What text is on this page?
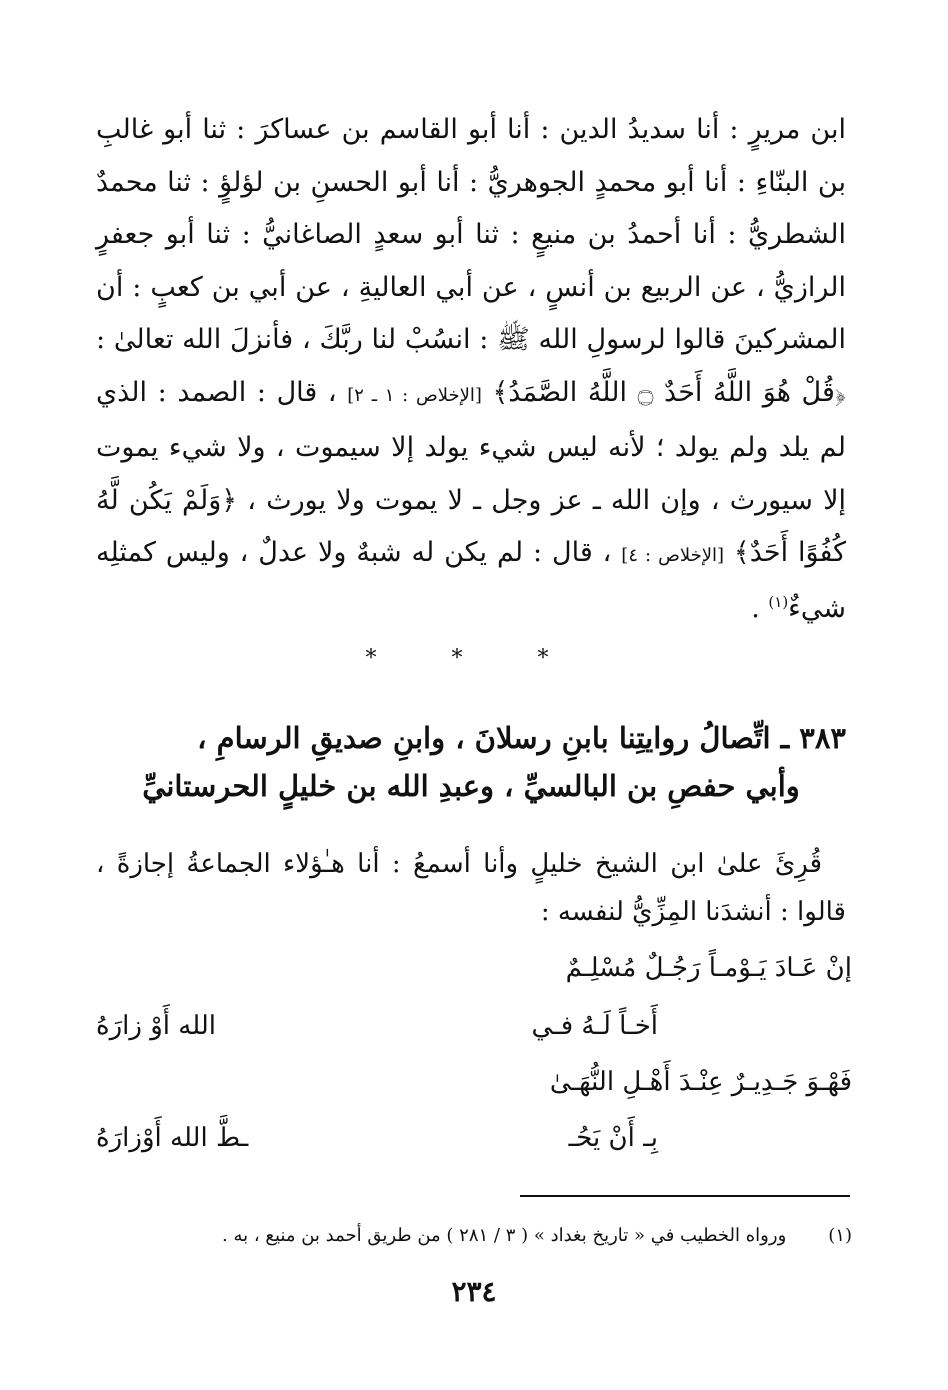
ابن مريرٍ : أنا سديدُ الدين : أنا أبو القاسم بن عساكرَ : ثنا أبو غالبِ بن البنّاءِ : أنا أبو محمدٍ الجوهريُّ : أنا أبو الحسنِ بن لؤلؤٍ : ثنا محمدٌ الشطريُّ : أنا أحمدُ بن منيعٍ : ثنا أبو سعدٍ الصاغانيُّ : ثنا أبو جعفرٍ الرازيُّ ، عن الربيع بن أنسٍ ، عن أبي العاليةِ ، عن أبي بن كعبٍ : أن المشركينَ قالوا لرسولِ الله ﷺ : انسُبْ لنا ربَّكَ ، فأنزلَ الله تعالىٰ : ﴿قُلْ هُوَ اللَّهُ أَحَدٌ ۝ اللَّهُ الصَّمَدُ﴾ [الإخلاص : ١ ـ ٢] ، قال : الصمد : الذي لم يلد ولم يولد ؛ لأنه ليس شيء يولد إلا سيموت ، ولا شيء يموت إلا سيورث ، وإن الله ـ عز وجل ـ لا يموت ولا يورث ، ﴿وَلَمْ يَكُن لَّهُ كُفُوًا أَحَدٌ﴾ [الإخلاص : ٤] ، قال : لم يكن له شبهٌ ولا عدلٌ ، وليس كمثلِه شيءٌ$^{(١)}$ .

* * *
٣٨٣ ـ اتِّصالُ روايتِنا بابنِ رسلانَ ، وابنِ صديقِ الرسامِ ،
وأبي حفصِ بن البالسيِّ ، وعبدِ الله بن خليلٍ الحرستانيِّ
قُرِئَ علىٰ ابن الشيخ خليلٍ وأنا أسمعُ : أنا هـٰؤلاء الجماعةُ إجازةً ، قالوا : أنشدَنا المِزِّيُّ لنفسه :
إنْ عَـادَ يَـوْمـاً رَجُـلٌ مُسْلِـمٌ
أَخـاً لَـهُ فـي
الله أَوْ زارَهُ
فَهْـوَ جَـدِيـرٌ عِنْـدَ أَهْـلِ النُّهَـىٰ
بِـ أَنْ يَحُـ
ـطَّ الله أَوْزارَهُ
(١) ورواه الخطيب في « تاريخ بغداد » ( ٣ / ٢٨١ ) من طريق أحمد بن منيع ، به .
٢٣٤
